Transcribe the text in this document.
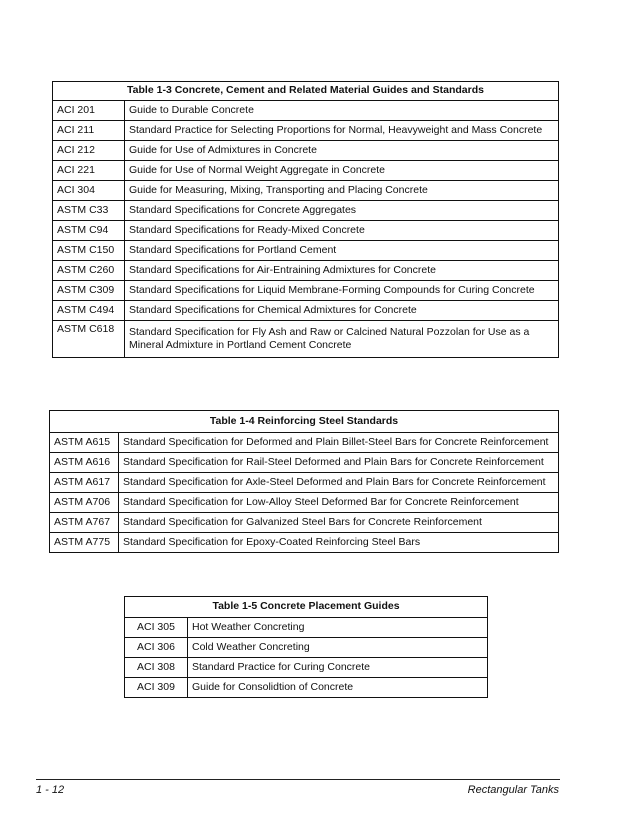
Table 1-3 Concrete, Cement and Related Material Guides and Standards	
ACI 201	Guide to Durable Concrete
ACI 211	Standard Practice for Selecting Proportions for Normal, Heavyweight and Mass Concrete
ACI 212	Guide for Use of Admixtures in Concrete
ACI 221	Guide for Use of Normal Weight Aggregate in Concrete
ACI 304	Guide for Measuring, Mixing, Transporting and Placing Concrete
ASTM C33	Standard Specifications for Concrete Aggregates
ASTM C94	Standard Specifications for Ready-Mixed Concrete
ASTM C150	Standard Specifications for Portland Cement
ASTM C260	Standard Specifications for Air-Entraining Admixtures for Concrete
ASTM C309	Standard Specifications for Liquid Membrane-Forming Compounds for Curing Concrete
ASTM C494	Standard Specifications for Chemical Admixtures for Concrete
ASTM C618	Standard Specification for Fly Ash and Raw or Calcined Natural Pozzolan for Use as a Mineral Admixture in Portland Cement Concrete
Table 1-4 Reinforcing Steel Standards	
ASTM A615	Standard Specification for Deformed and Plain Billet-Steel Bars for Concrete Reinforcement
ASTM A616	Standard Specification for Rail-Steel Deformed and Plain Bars for Concrete Reinforcement
ASTM A617	Standard Specification for Axle-Steel Deformed and Plain Bars for Concrete Reinforcement
ASTM A706	Standard Specification for Low-Alloy Steel Deformed Bar for Concrete Reinforcement
ASTM A767	Standard Specification for Galvanized Steel Bars for Concrete Reinforcement
ASTM A775	Standard Specification for Epoxy-Coated Reinforcing Steel Bars
Table 1-5 Concrete Placement Guides	
ACI 305	Hot Weather Concreting
ACI 306	Cold Weather Concreting
ACI 308	Standard Practice for Curing Concrete
ACI 309	Guide for Consolidtion of Concrete
1 - 12	Rectangular Tanks
